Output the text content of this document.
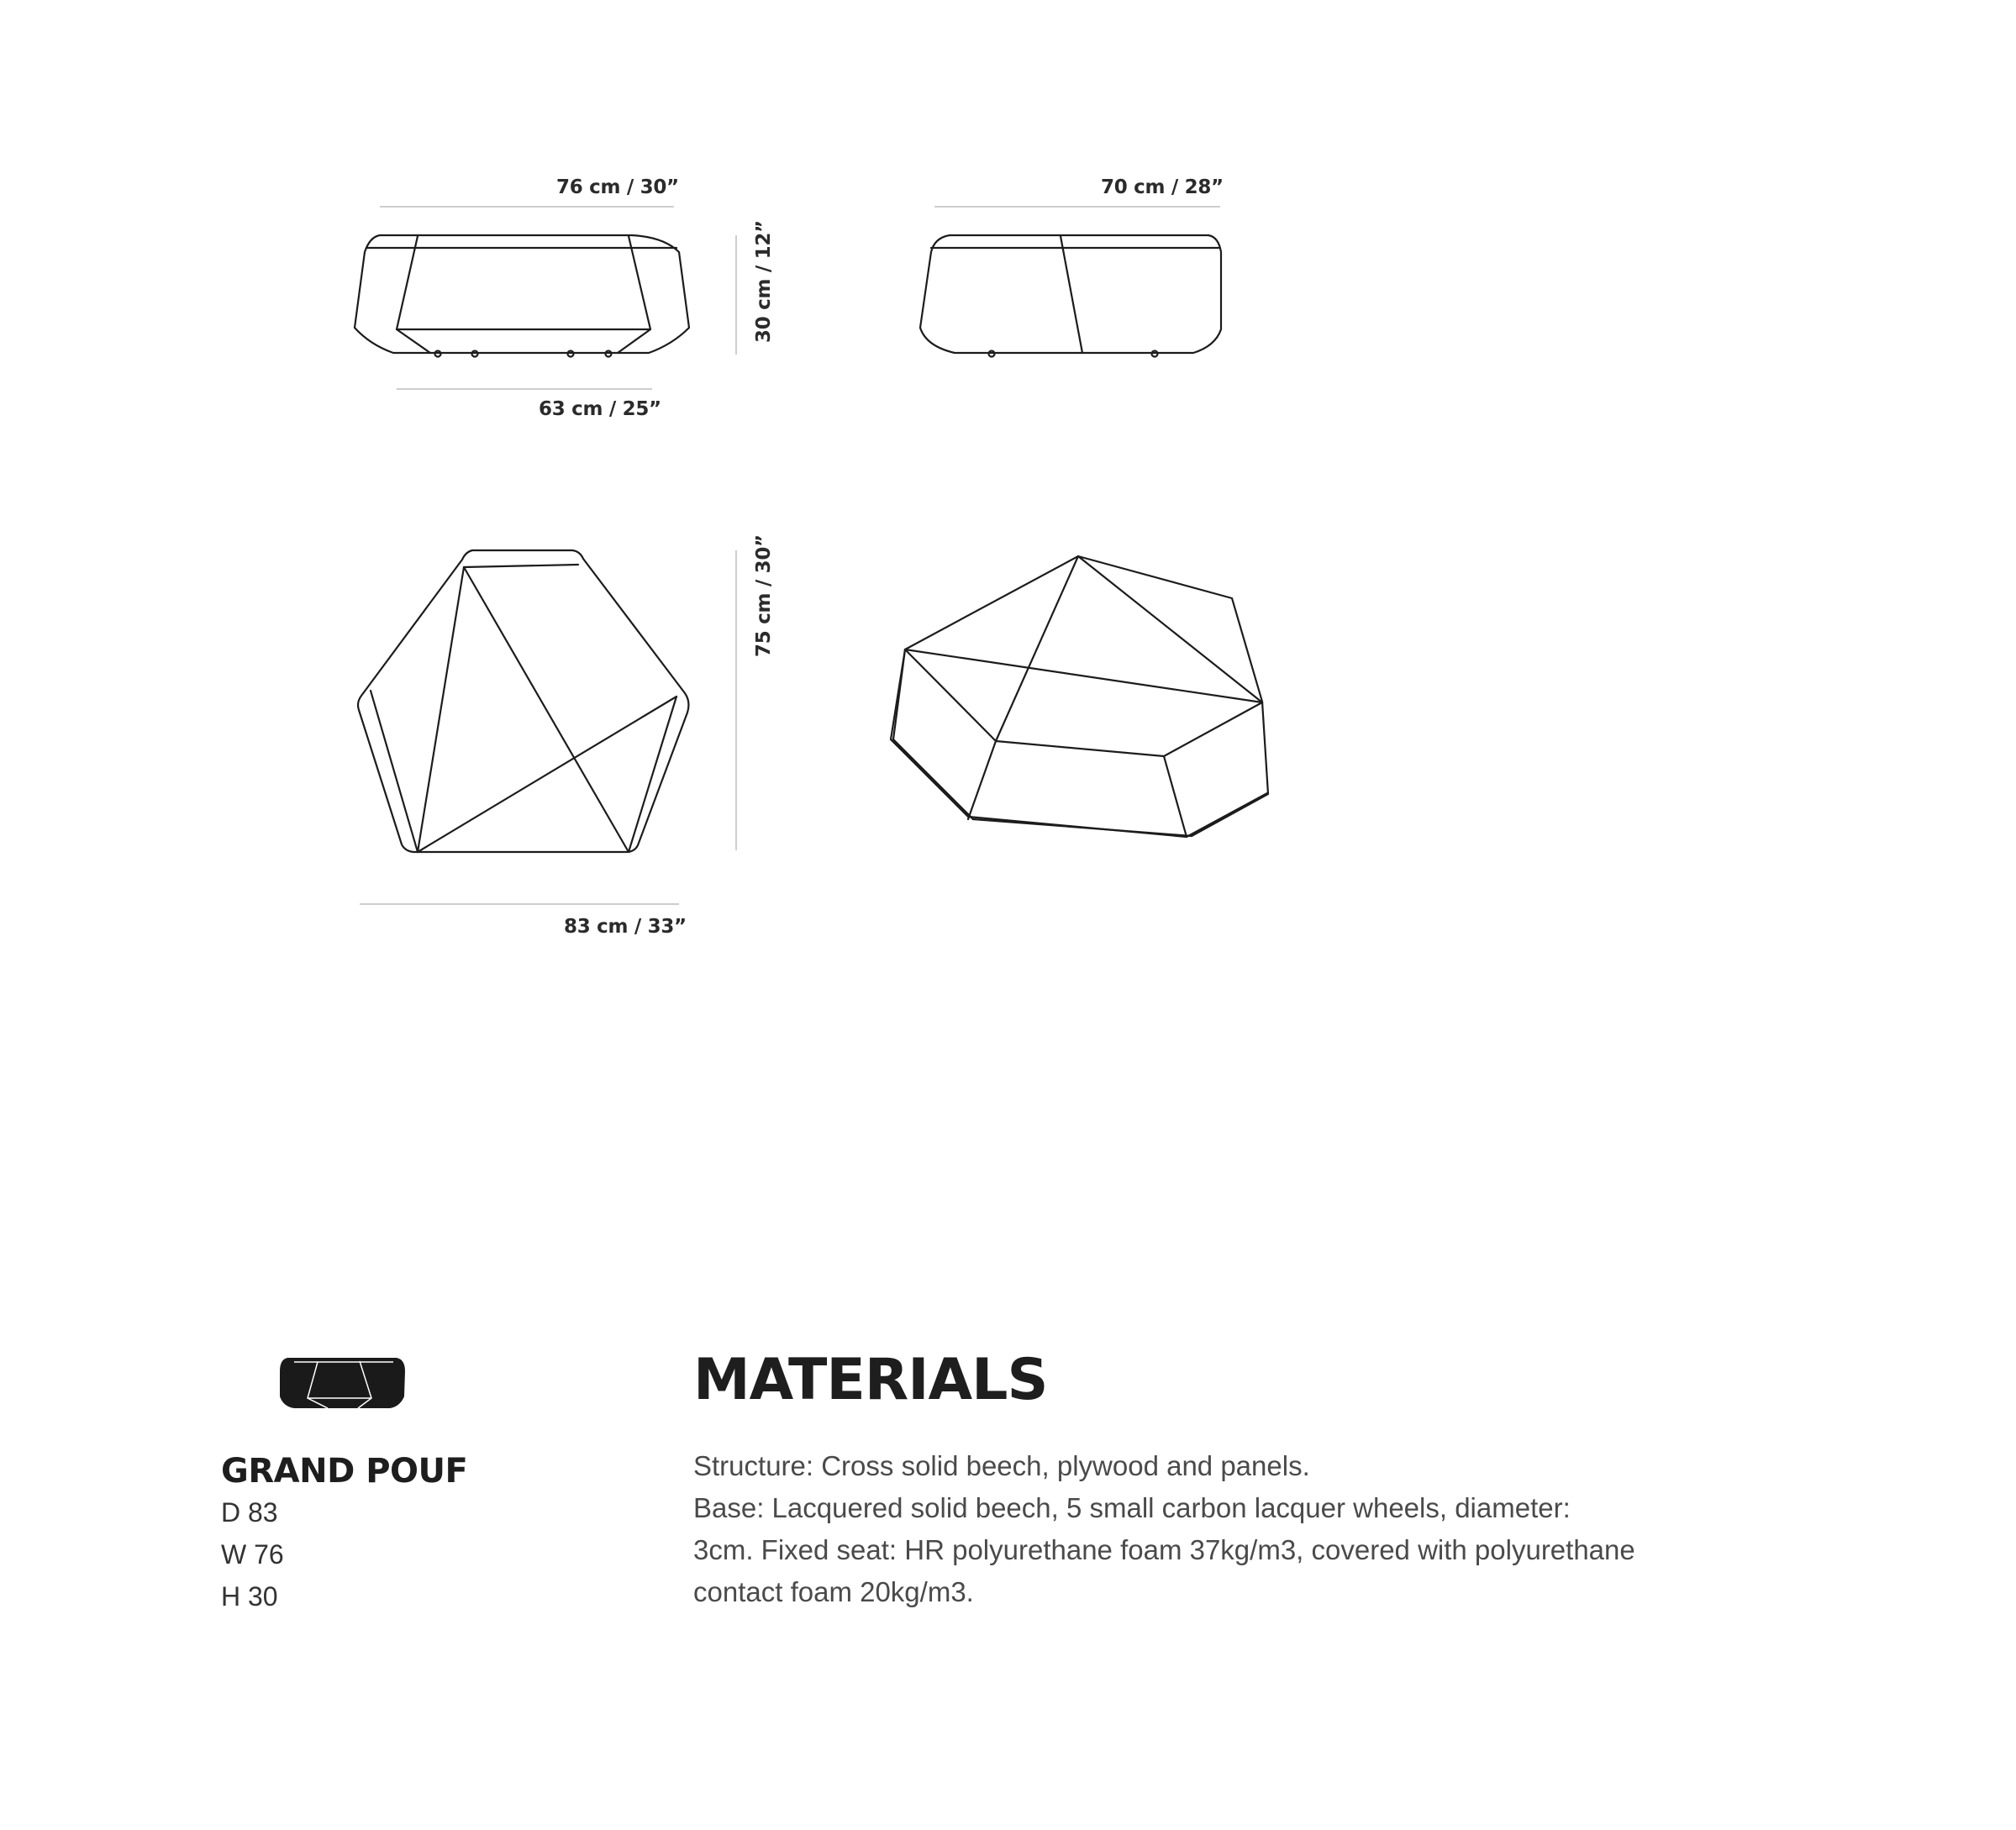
76 cm / 30”
63 cm / 25”
70 cm / 28”
30 cm / 12”
75 cm / 30”
83 cm / 33”
GRAND POUF
D 83
W 76
H 30
MATERIALS
Structure: Cross solid beech, plywood and panels.
Base: Lacquered solid beech, 5 small carbon lacquer wheels, diameter:
3cm. Fixed seat: HR polyurethane foam 37kg/m3, covered with polyurethane
contact foam 20kg/m3.
